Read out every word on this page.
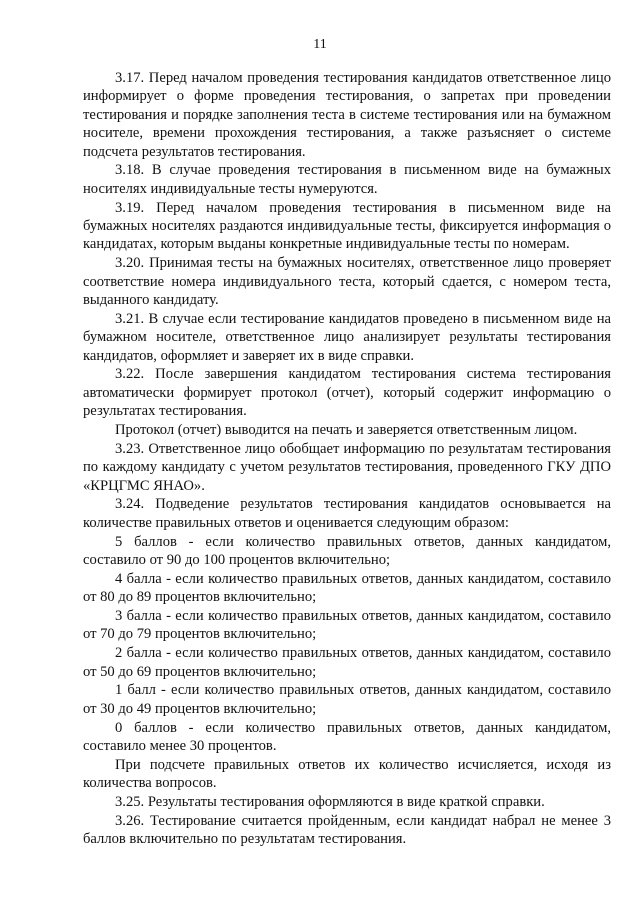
11

3.17. Перед началом проведения тестирования кандидатов ответственное лицо информирует о форме проведения тестирования, о запретах при проведении тестирования и порядке заполнения теста в системе тестирования или на бумажном носителе, времени прохождения тестирования, а также разъясняет о системе подсчета результатов тестирования.

3.18. В случае проведения тестирования в письменном виде на бумажных носителях индивидуальные тесты нумеруются.

3.19. Перед началом проведения тестирования в письменном виде на бумажных носителях раздаются индивидуальные тесты, фиксируется информация о кандидатах, которым выданы конкретные индивидуальные тесты по номерам.

3.20. Принимая тесты на бумажных носителях, ответственное лицо проверяет соответствие номера индивидуального теста, который сдается, с номером теста, выданного кандидату.

3.21. В случае если тестирование кандидатов проведено в письменном виде на бумажном носителе, ответственное лицо анализирует результаты тестирования кандидатов, оформляет и заверяет их в виде справки.

3.22. После завершения кандидатом тестирования система тестирования автоматически формирует протокол (отчет), который содержит информацию о результатах тестирования.

Протокол (отчет) выводится на печать и заверяется ответственным лицом.

3.23. Ответственное лицо обобщает информацию по результатам тестирования по каждому кандидату с учетом результатов тестирования, проведенного ГКУ ДПО «КРЦГМС ЯНАО».

3.24. Подведение результатов тестирования кандидатов основывается на количестве правильных ответов и оценивается следующим образом:

5 баллов - если количество правильных ответов, данных кандидатом, составило от 90 до 100 процентов включительно;

4 балла - если количество правильных ответов, данных кандидатом, составило от 80 до 89 процентов включительно;

3 балла - если количество правильных ответов, данных кандидатом, составило от 70 до 79 процентов включительно;

2 балла - если количество правильных ответов, данных кандидатом, составило от 50 до 69 процентов включительно;

1 балл - если количество правильных ответов, данных кандидатом, составило от 30 до 49 процентов включительно;

0 баллов - если количество правильных ответов, данных кандидатом, составило менее 30 процентов.

При подсчете правильных ответов их количество исчисляется, исходя из количества вопросов.

3.25. Результаты тестирования оформляются в виде краткой справки.

3.26. Тестирование считается пройденным, если кандидат набрал не менее 3 баллов включительно по результатам тестирования.
